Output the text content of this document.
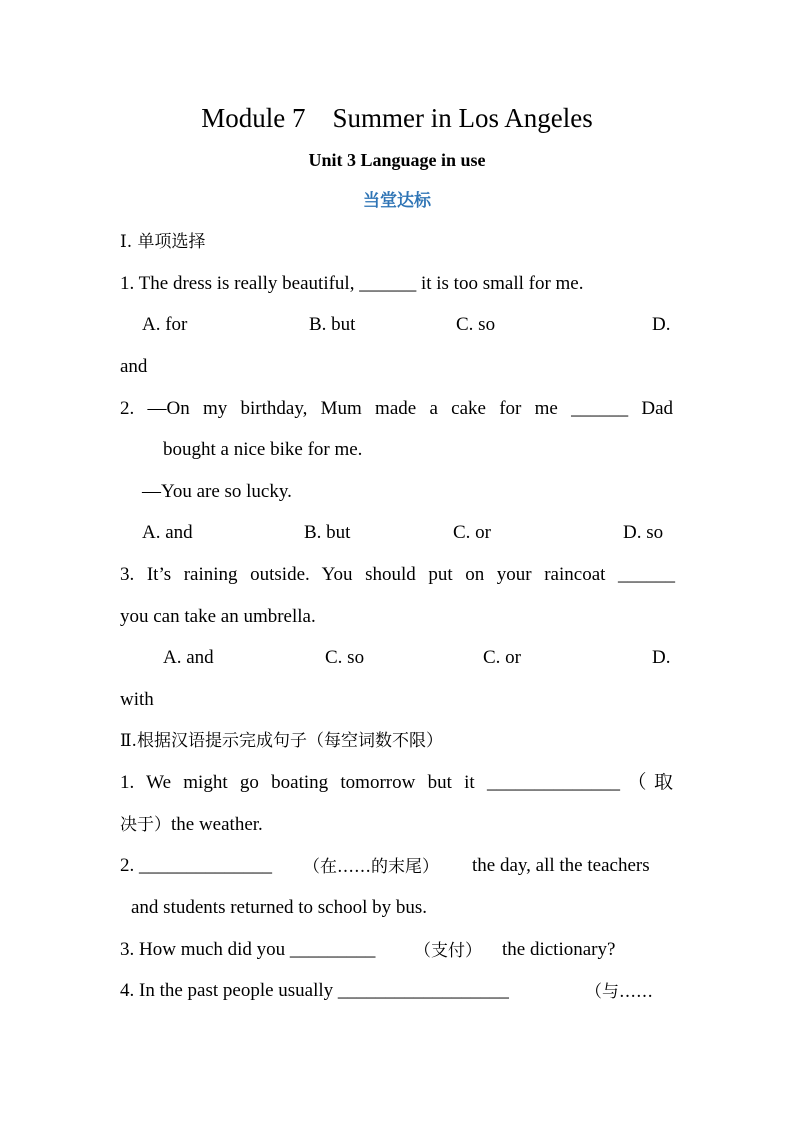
Module 7　Summer in Los Angeles
Unit 3 Language in use
当堂达标
Ⅰ. 单项选择
1. The dress is really beautiful, ______ it is too small for me.
A. for	B. but	C. so	D.
and
2. —On my birthday, Mum made a cake for me ______ Dad
bought a nice bike for me.
—You are so lucky.
A. and	B. but	C. or	D. so
3. It’s raining outside. You should put on your raincoat ______
you can take an umbrella.
A. and	C. so	C. or	D.
with
Ⅱ.根据汉语提示完成句子（每空词数不限）
1. We might go boating tomorrow but it ______________（取
决于）the weather.
2. ______________ （在……的末尾） the day, all the teachers
and students returned to school by bus.
3. How much did you _________ （支付） the dictionary?
4. In the past people usually __________________	（与……
